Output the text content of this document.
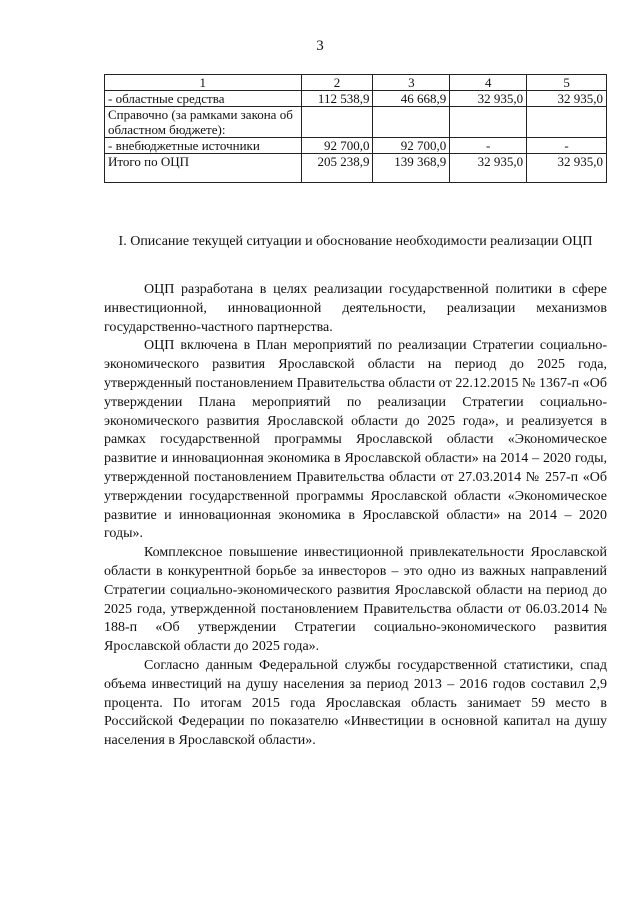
3
1	2	3	4	5
- областные средства	112 538,9	46 668,9	32 935,0	32 935,0
Справочно (за рамками закона об областном бюджете):				
- внебюджетные источники	92 700,0	92 700,0	-	-
Итого по ОЦП	205 238,9	139 368,9	32 935,0	32 935,0
I. Описание текущей ситуации и обоснование необходимости реализации ОЦП

ОЦП разработана в целях реализации государственной политики в сфере инвестиционной, инновационной деятельности, реализации механизмов государственно-частного партнерства.

ОЦП включена в План мероприятий по реализации Стратегии социально-экономического развития Ярославской области на период до 2025 года, утвержденный постановлением Правительства области от 22.12.2015 № 1367-п «Об утверждении Плана мероприятий по реализации Стратегии социально-экономического развития Ярославской области до 2025 года», и реализуется в рамках государственной программы Ярославской области «Экономическое развитие и инновационная экономика в Ярославской области» на 2014 – 2020 годы, утвержденной постановлением Правительства области от 27.03.2014 № 257-п «Об утверждении государственной программы Ярославской области «Экономическое развитие и инновационная экономика в Ярославской области» на 2014 – 2020 годы».

Комплексное повышение инвестиционной привлекательности Ярославской области в конкурентной борьбе за инвесторов – это одно из важных направлений Стратегии социально-экономического развития Ярославской области на период до 2025 года, утвержденной постановлением Правительства области от 06.03.2014 № 188-п «Об утверждении Стратегии социально-экономического развития Ярославской области до 2025 года».

Согласно данным Федеральной службы государственной статистики, спад объема инвестиций на душу населения за период 2013 – 2016 годов составил 2,9 процента. По итогам 2015 года Ярославская область занимает 59 место в Российской Федерации по показателю «Инвестиции в основной капитал на душу населения в Ярославской области».
